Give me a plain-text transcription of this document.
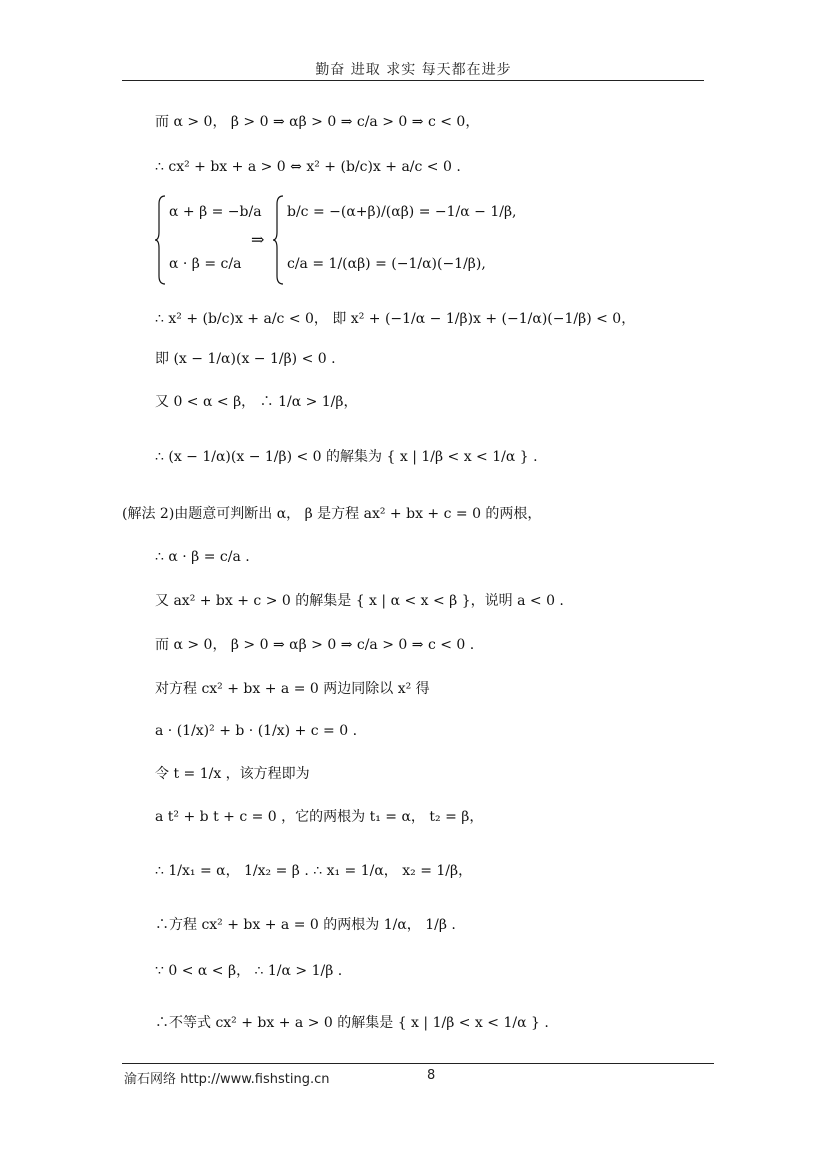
勤奋 进取 求实 每天都在进步
而 α > 0， β > 0 ⇒ αβ > 0 ⇒ c/a > 0 ⇒ c < 0，
∴ cx² + bx + a > 0 ⇔ x² + (b/c)x + a/c < 0 .
α + β = −b/a
α · β = c/a
⇒
b/c = −(α+β)/(αβ) = −1/α − 1/β,
c/a = 1/(αβ) = (−1/α)(−1/β),
∴ x² + (b/c)x + a/c < 0， 即 x² + (−1/α − 1/β)x + (−1/α)(−1/β) < 0，
即 (x − 1/α)(x − 1/β) < 0 .
又 0 < α < β， ∴ 1/α > 1/β，
∴ (x − 1/α)(x − 1/β) < 0 的解集为 { x | 1/β < x < 1/α } .
(解法 2)由题意可判断出 α， β 是方程 ax² + bx + c = 0 的两根，
∴ α · β = c/a .
又 ax² + bx + c > 0 的解集是 { x | α < x < β }，说明 a < 0 .
而 α > 0， β > 0 ⇒ αβ > 0 ⇒ c/a > 0 ⇒ c < 0 .
对方程 cx² + bx + a = 0 两边同除以 x² 得
a · (1/x)² + b · (1/x) + c = 0 .
令 t = 1/x ，该方程即为
a t² + b t + c = 0 ，它的两根为 t₁ = α， t₂ = β，
∴ 1/x₁ = α， 1/x₂ = β . ∴ x₁ = 1/α， x₂ = 1/β，
∴方程 cx² + bx + a = 0 的两根为 1/α， 1/β .
∵ 0 < α < β， ∴ 1/α > 1/β .
∴不等式 cx² + bx + a > 0 的解集是 { x | 1/β < x < 1/α } .
渝石网络 http://www.fishsting.cn	8
